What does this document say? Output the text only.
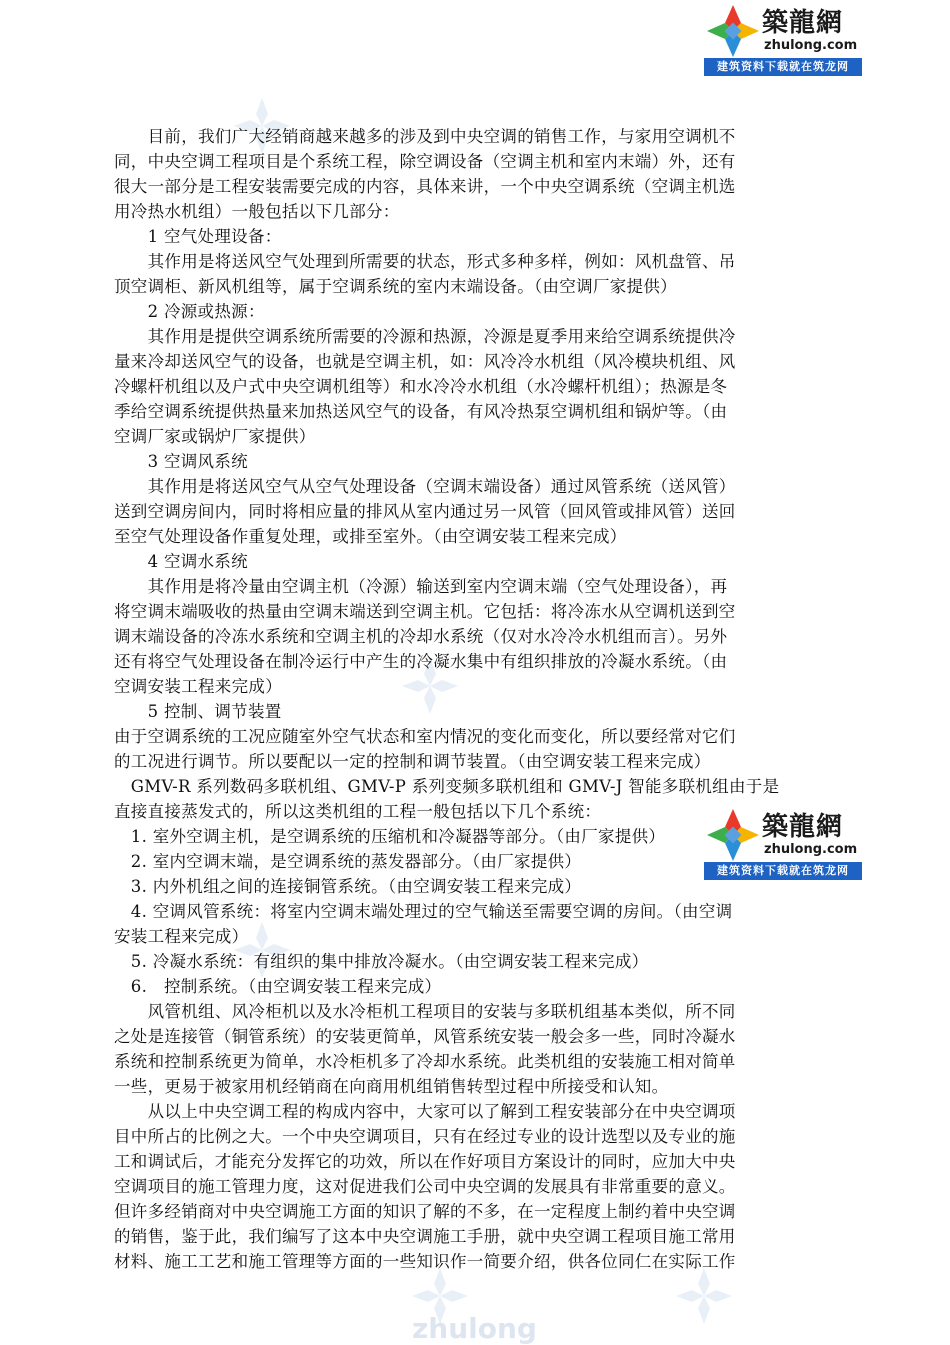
zhulong
築龍網
zhulong.com
建筑资料下载就在筑龙网
築龍網
zhulong.com
建筑资料下载就在筑龙网
　　目前，我们广大经销商越来越多的涉及到中央空调的销售工作，与家用空调机不
同，中央空调工程项目是个系统工程，除空调设备（空调主机和室内末端）外，还有
很大一部分是工程安装需要完成的内容，具体来讲，一个中央空调系统（空调主机选
用冷热水机组）一般包括以下几部分：
　　1 空气处理设备：
　　其作用是将送风空气处理到所需要的状态，形式多种多样，例如：风机盘管、吊
顶空调柜、新风机组等，属于空调系统的室内末端设备。（由空调厂家提供）
　　2 冷源或热源：
　　其作用是提供空调系统所需要的冷源和热源，冷源是夏季用来给空调系统提供冷
量来冷却送风空气的设备，也就是空调主机，如：风冷冷水机组（风冷模块机组、风
冷螺杆机组以及户式中央空调机组等）和水冷冷水机组（水冷螺杆机组）；热源是冬
季给空调系统提供热量来加热送风空气的设备，有风冷热泵空调机组和锅炉等。（由
空调厂家或锅炉厂家提供）
　　3 空调风系统
　　其作用是将送风空气从空气处理设备（空调末端设备）通过风管系统（送风管）
送到空调房间内，同时将相应量的排风从室内通过另一风管（回风管或排风管）送回
至空气处理设备作重复处理，或排至室外。（由空调安装工程来完成）
　　4 空调水系统
　　其作用是将冷量由空调主机（冷源）输送到室内空调末端（空气处理设备），再
将空调末端吸收的热量由空调末端送到空调主机。它包括：将冷冻水从空调机送到空
调末端设备的冷冻水系统和空调主机的冷却水系统（仅对水冷冷水机组而言）。另外
还有将空气处理设备在制冷运行中产生的冷凝水集中有组织排放的冷凝水系统。（由
空调安装工程来完成）
　　5 控制、调节装置
由于空调系统的工况应随室外空气状态和室内情况的变化而变化，所以要经常对它们
的工况进行调节。所以要配以一定的控制和调节装置。（由空调安装工程来完成）
　GMV-R 系列数码多联机组、GMV-P 系列变频多联机组和 GMV-J 智能多联机组由于是
直接直接蒸发式的，所以这类机组的工程一般包括以下几个系统：
　1. 室外空调主机，是空调系统的压缩机和冷凝器等部分。（由厂家提供）
　2. 室内空调末端，是空调系统的蒸发器部分。（由厂家提供）
　3. 内外机组之间的连接铜管系统。（由空调安装工程来完成）
　4. 空调风管系统：将室内空调末端处理过的空气输送至需要空调的房间。（由空调
安装工程来完成）
　5. 冷凝水系统：有组织的集中排放冷凝水。（由空调安装工程来完成）
　6.　控制系统。（由空调安装工程来完成）
　　风管机组、风冷柜机以及水冷柜机工程项目的安装与多联机组基本类似，所不同
之处是连接管（铜管系统）的安装更简单，风管系统安装一般会多一些，同时冷凝水
系统和控制系统更为简单，水冷柜机多了冷却水系统。此类机组的安装施工相对简单
一些，更易于被家用机经销商在向商用机组销售转型过程中所接受和认知。
　　从以上中央空调工程的构成内容中，大家可以了解到工程安装部分在中央空调项
目中所占的比例之大。一个中央空调项目，只有在经过专业的设计选型以及专业的施
工和调试后，才能充分发挥它的功效，所以在作好项目方案设计的同时，应加大中央
空调项目的施工管理力度，这对促进我们公司中央空调的发展具有非常重要的意义。
但许多经销商对中央空调施工方面的知识了解的不多，在一定程度上制约着中央空调
的销售，鉴于此，我们编写了这本中央空调施工手册，就中央空调工程项目施工常用
材料、施工工艺和施工管理等方面的一些知识作一简要介绍，供各位同仁在实际工作
